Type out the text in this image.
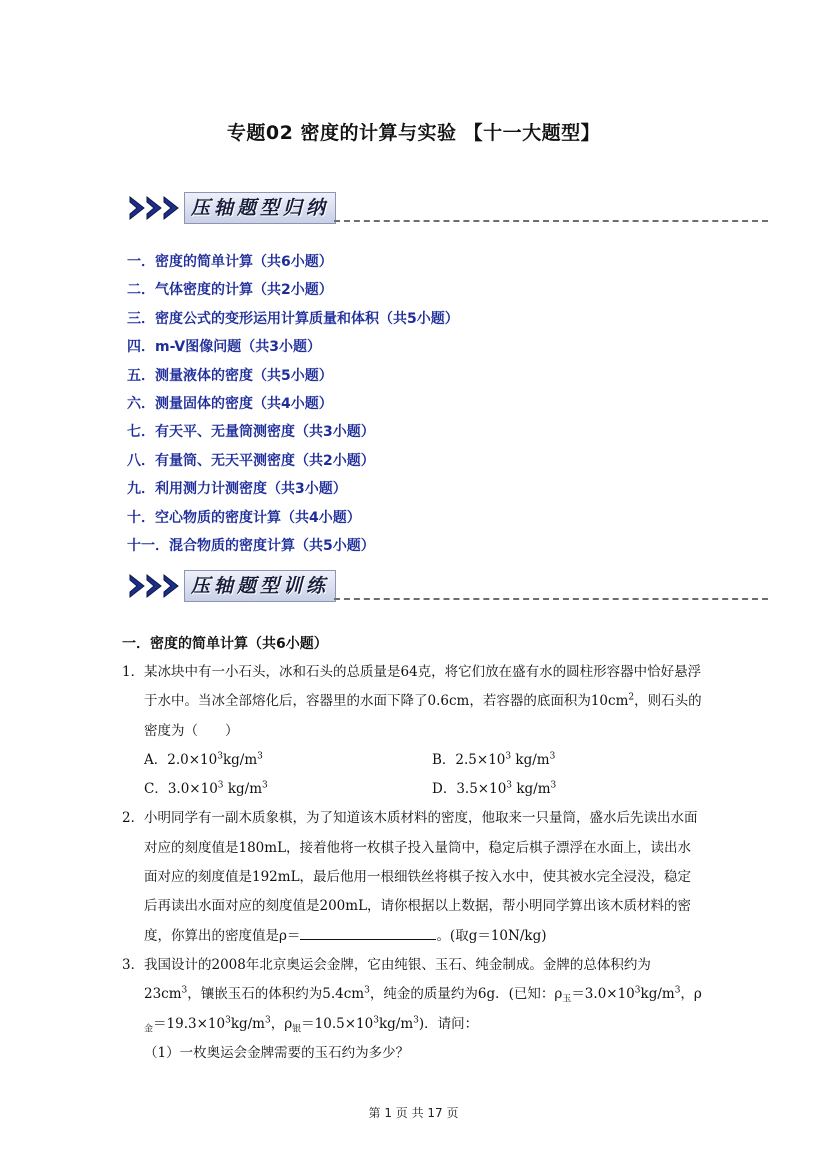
专题02 密度的计算与实验 【十一大题型】
压轴题型归纳
一．密度的简单计算（共6小题）
二．气体密度的计算（共2小题）
三．密度公式的变形运用计算质量和体积（共5小题）
四．m-V图像问题（共3小题）
五．测量液体的密度（共5小题）
六．测量固体的密度（共4小题）
七．有天平、无量筒测密度（共3小题）
八．有量筒、无天平测密度（共2小题）
九．利用测力计测密度（共3小题）
十．空心物质的密度计算（共4小题）
十一．混合物质的密度计算（共5小题）
压轴题型训练
一．密度的简单计算（共6小题）
1． 某冰块中有一小石头，冰和石头的总质量是64克，将它们放在盛有水的圆柱形容器中恰好悬浮于水中。当冰全部熔化后，容器里的水面下降了0.6cm，若容器的底面积为$10cm^2$，则石头的密度为（　　）
A．$2.0\times 10^3kg/m^3$	B．$2.5\times 10^3$ $kg/m^3$
C．$3.0\times 10^3$ $kg/m^3$	D．$3.5\times 10^3$ $kg/m^3$
2． 小明同学有一副木质象棋，为了知道该木质材料的密度，他取来一只量筒，盛水后先读出水面对应的刻度值是180mL，接着他将一枚棋子投入量筒中，稳定后棋子漂浮在水面上，读出水面对应的刻度值是192mL，最后他用一根细铁丝将棋子按入水中，使其被水完全浸没，稳定后再读出水面对应的刻度值是200mL，请你根据以上数据，帮小明同学算出该木质材料的密度，你算出的密度值是ρ＝	。(取g＝10N/kg)
3． 我国设计的2008年北京奥运会金牌，它由纯银、玉石、纯金制成。金牌的总体积约为$23cm^3$，镶嵌玉石的体积约为$5.4cm^3$，纯金的质量约为6g．(已知：$\rho_玉=3.0\times 10^3kg/m^3$，$\rho_金=19.3\times 10^3kg/m^3$，$\rho_银=10.5\times 10^3kg/m^3$)．请问：
（1）一枚奥运会金牌需要的玉石约为多少？
第 1 页 共 17 页
